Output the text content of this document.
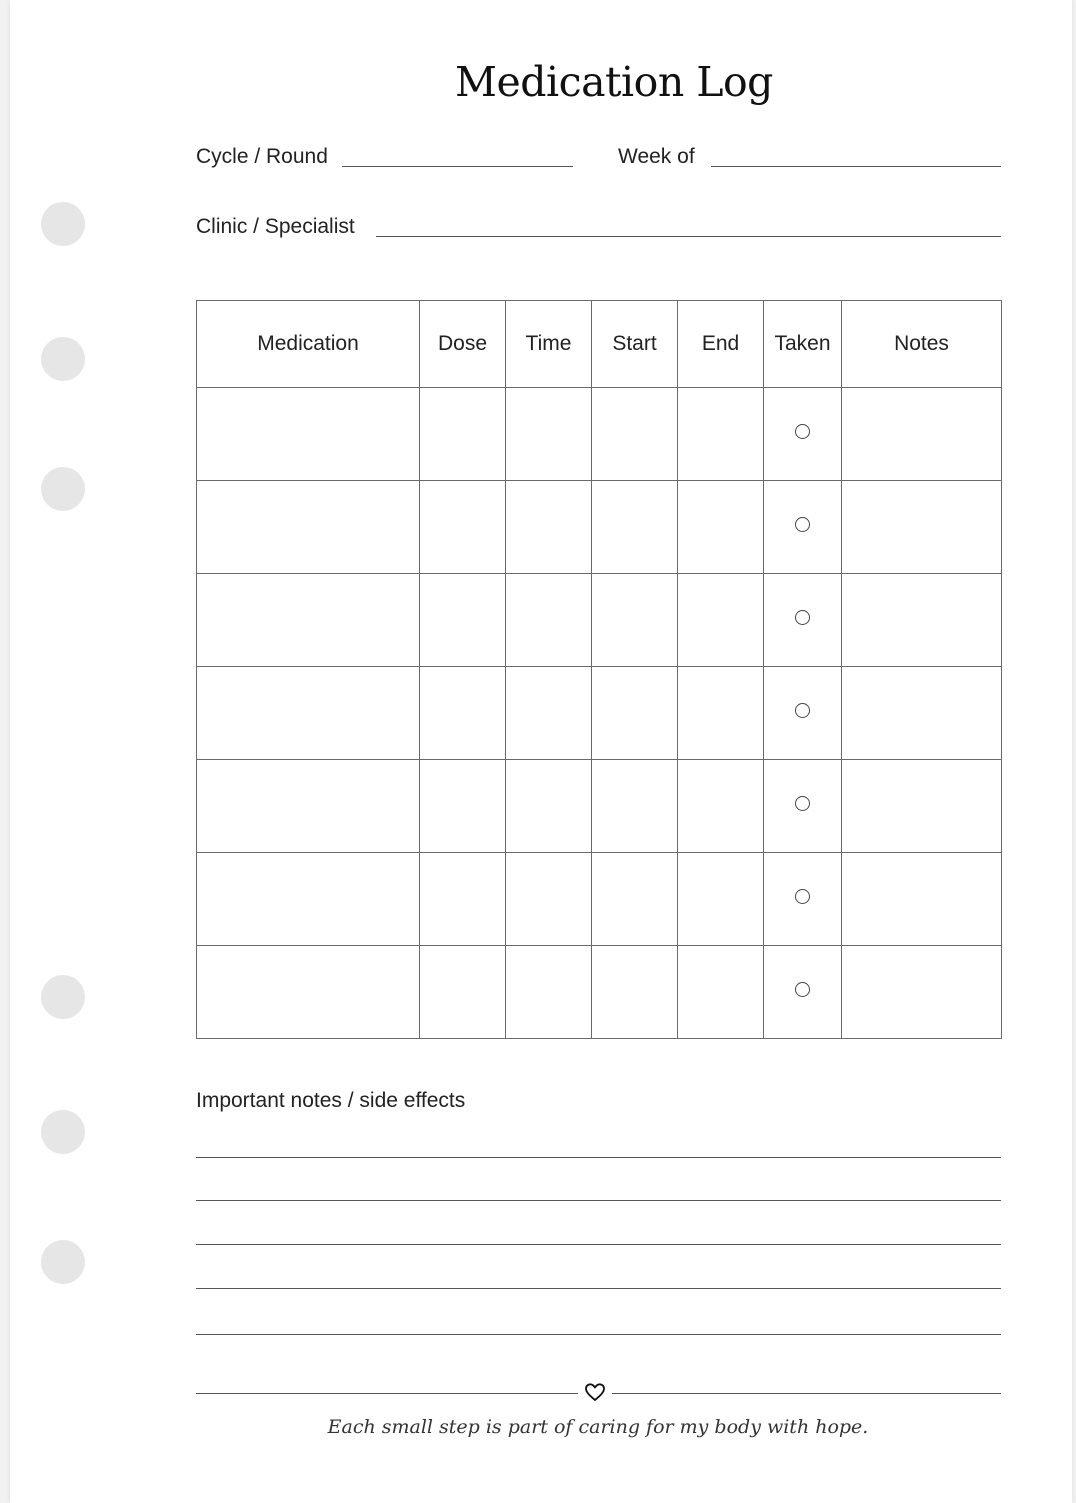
Medication Log
Cycle / Round	Week of
Clinic / Specialist
Medication	Dose	Time	Start	End	Taken	Notes

Important notes / side effects
Each small step is part of caring for my body with hope.
